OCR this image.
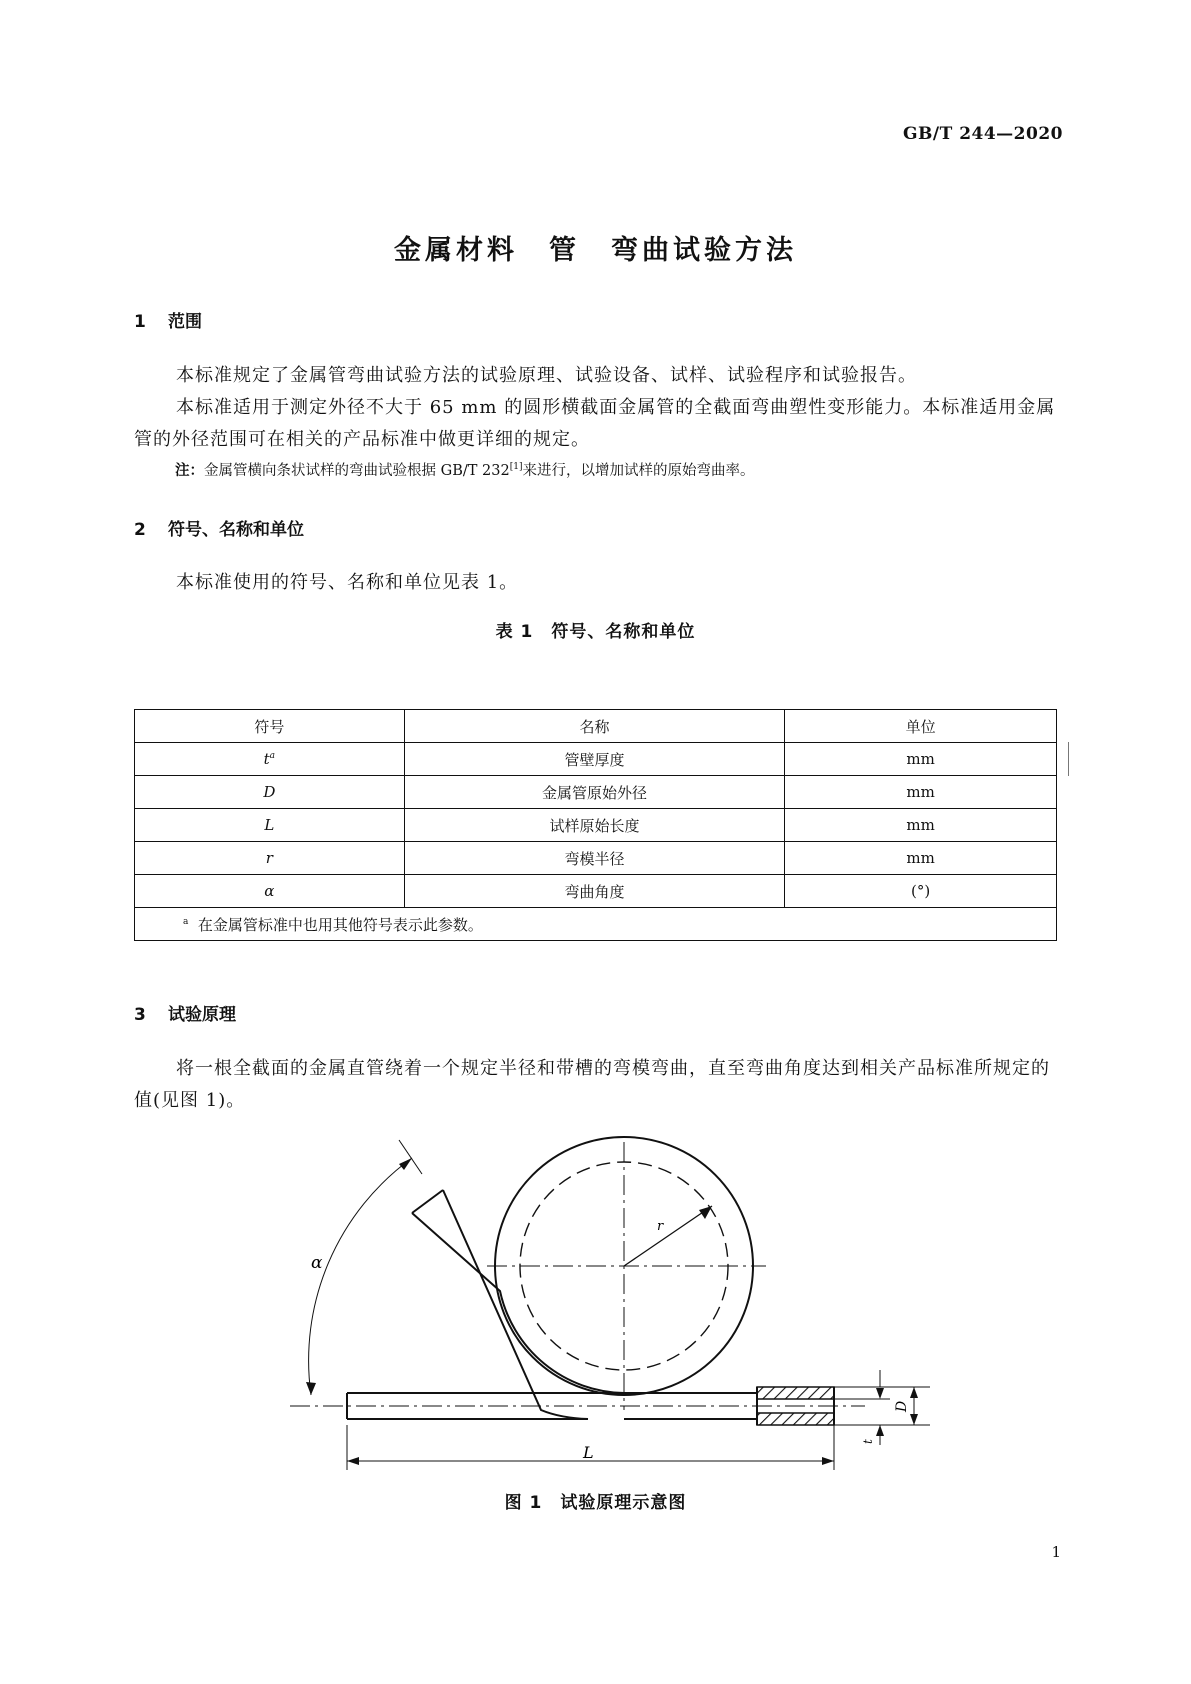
GB/T 244—2020
金属材料　管　弯曲试验方法
1 范围
本标准规定了金属管弯曲试验方法的试验原理、试验设备、试样、试验程序和试验报告。
本标准适用于测定外径不大于 65 mm 的圆形横截面金属管的全截面弯曲塑性变形能力。本标准适用金属管的外径范围可在相关的产品标准中做更详细的规定。
注：金属管横向条状试样的弯曲试验根据 GB/T 232[1]来进行，以增加试样的原始弯曲率。
2 符号、名称和单位
本标准使用的符号、名称和单位见表 1。
表 1　符号、名称和单位
符号	名称	单位
$t^a$	管壁厚度	mm
D	金属管原始外径	mm
L	试样原始长度	mm
r	弯模半径	mm
α	弯曲角度	(°)
$^a$ 在金属管标准中也用其他符号表示此参数。		
3 试验原理
将一根全截面的金属直管绕着一个规定半径和带槽的弯模弯曲，直至弯曲角度达到相关产品标准所规定的值(见图 1)。
α
r
L
D
t
图 1　试验原理示意图
1
